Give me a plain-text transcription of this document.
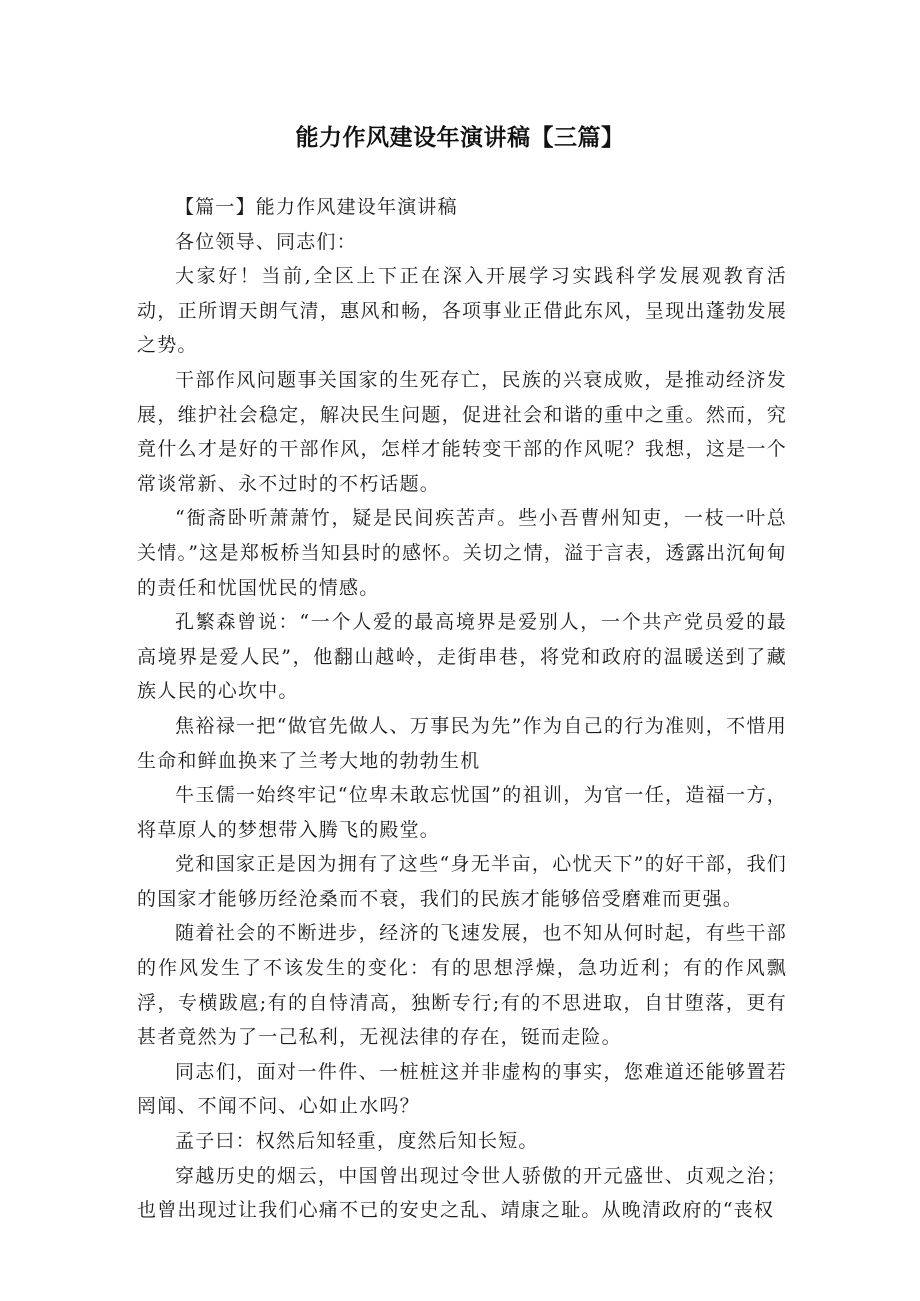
能力作风建设年演讲稿【三篇】

【篇一】能力作风建设年演讲稿

各位领导、同志们：

大家好！当前,全区上下正在深入开展学习实践科学发展观教育活动，正所谓天朗气清，惠风和畅，各项事业正借此东风，呈现出蓬勃发展之势。

干部作风问题事关国家的生死存亡，民族的兴衰成败，是推动经济发展，维护社会稳定，解决民生问题，促进社会和谐的重中之重。然而，究竟什么才是好的干部作风，怎样才能转变干部的作风呢？我想，这是一个常谈常新、永不过时的不朽话题。

“衙斋卧听萧萧竹，疑是民间疾苦声。些小吾曹州知吏，一枝一叶总关情。”这是郑板桥当知县时的感怀。关切之情，溢于言表，透露出沉甸甸的责任和忧国忧民的情感。

孔繁森曾说：“一个人爱的最高境界是爱别人，一个共产党员爱的最高境界是爱人民”，他翻山越岭，走街串巷，将党和政府的温暖送到了藏族人民的心坎中。

焦裕禄一把“做官先做人、万事民为先”作为自己的行为准则，不惜用生命和鲜血换来了兰考大地的勃勃生机

牛玉儒一始终牢记“位卑未敢忘忧国”的祖训，为官一任，造福一方，将草原人的梦想带入腾飞的殿堂。

党和国家正是因为拥有了这些“身无半亩，心忧天下”的好干部，我们的国家才能够历经沧桑而不衰，我们的民族才能够倍受磨难而更强。

随着社会的不断进步，经济的飞速发展，也不知从何时起，有些干部的作风发生了不该发生的变化：有的思想浮燥，急功近利；有的作风飘浮，专横跋扈;有的自恃清高，独断专行;有的不思进取，自甘堕落，更有甚者竟然为了一己私利，无视法律的存在，铤而走险。

同志们，面对一件件、一桩桩这并非虚构的事实，您难道还能够置若罔闻、不闻不问、心如止水吗？

孟子曰：权然后知轻重，度然后知长短。

穿越历史的烟云，中国曾出现过令世人骄傲的开元盛世、贞观之治；也曾出现过让我们心痛不已的安史之乱、靖康之耻。从晚清政府的“丧权
